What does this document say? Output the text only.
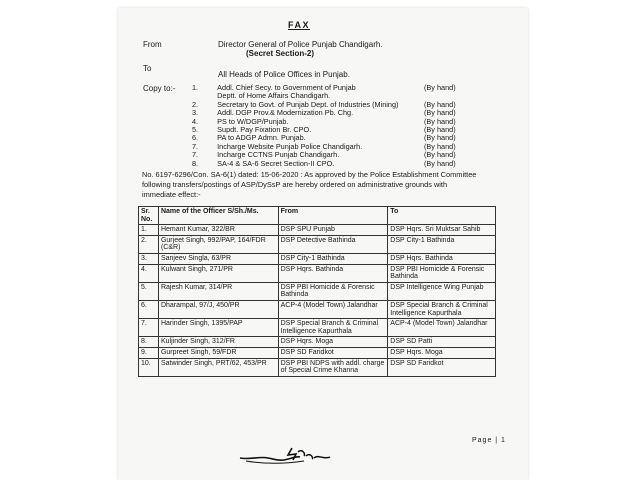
FAX
From	Director General of Police Punjab Chandigarh.
(Secret Section-2)
To
All Heads of Police Offices in Punjab.
Copy to:- 1.	Addl. Chief Secy. to Government of Punjab	(By hand)
Deptt. of Home Affairs Chandigarh.
2.	Secretary to Govt. of Punjab Dept. of Industries (Mining)	(By hand)
3.	Addl. DGP Prov.& Modernization Pb. Chg.	(By hand)
4.	PS to W/DGP/Punjab.	(By hand)
5.	Supdt. Pay Fixation Br. CPO.	(By hand)
6.	PA to ADGP Admn. Punjab.	(By hand)
7.	Incharge Website Punjab Police Chandigarh.	(By hand)
7.	Incharge CCTNS Punjab Chandigarh.	(By hand)
8.	SA-4 & SA-6 Secret Section-II CPO.	(By hand)
No. 6197-6296/Con. SA-6(1) dated: 15-06-2020 : As approved by the Police Establishment Committee following transfers/postings of ASP/DySsP are hereby ordered on administrative grounds with immediate effect:-
Sr. No.	Name of the Officer S/Sh./Ms.	From	To
1.	Hemant Kumar, 322/BR	DSP SPU Punjab	DSP Hqrs. Sri Muktsar Sahib
2.	Gurjeet Singh, 992/PAP, 164/FDR (C&R)	DSP Detective Bathinda	DSP City-1 Bathinda
3.	Sanjeev Singla, 63/PR	DSP City-1 Bathinda	DSP Hqrs. Bathinda
4.	Kulwant Singh, 271/PR	DSP Hqrs. Bathinda	DSP PBI Homicide & Forensic Bathinda
5.	Rajesh Kumar, 314/PR	DSP PBI Homicide & Forensic Bathinda	DSP Intelligence Wing Punjab
6.	Dharampal, 97/J, 450/PR	ACP-4 (Model Town) Jalandhar	DSP Special Branch & Criminal Intelligence Kapurthala
7.	Harinder Singh, 1395/PAP	DSP Special Branch & Criminal Intelligence Kapurthala	ACP-4 (Model Town) Jalandhar
8.	Kuljinder Singh, 312/FR	DSP Hqrs. Moga	DSP SD Patti
9.	Gurpreet Singh, 59/FDR	DSP SD Faridkot	DSP Hqrs. Moga
10.	Satwinder Singh, PRT/62, 453/PR	DSP PBI NDPS with addl. charge of Special Crime Khanna	DSP SD Faridkot
Page | 1
